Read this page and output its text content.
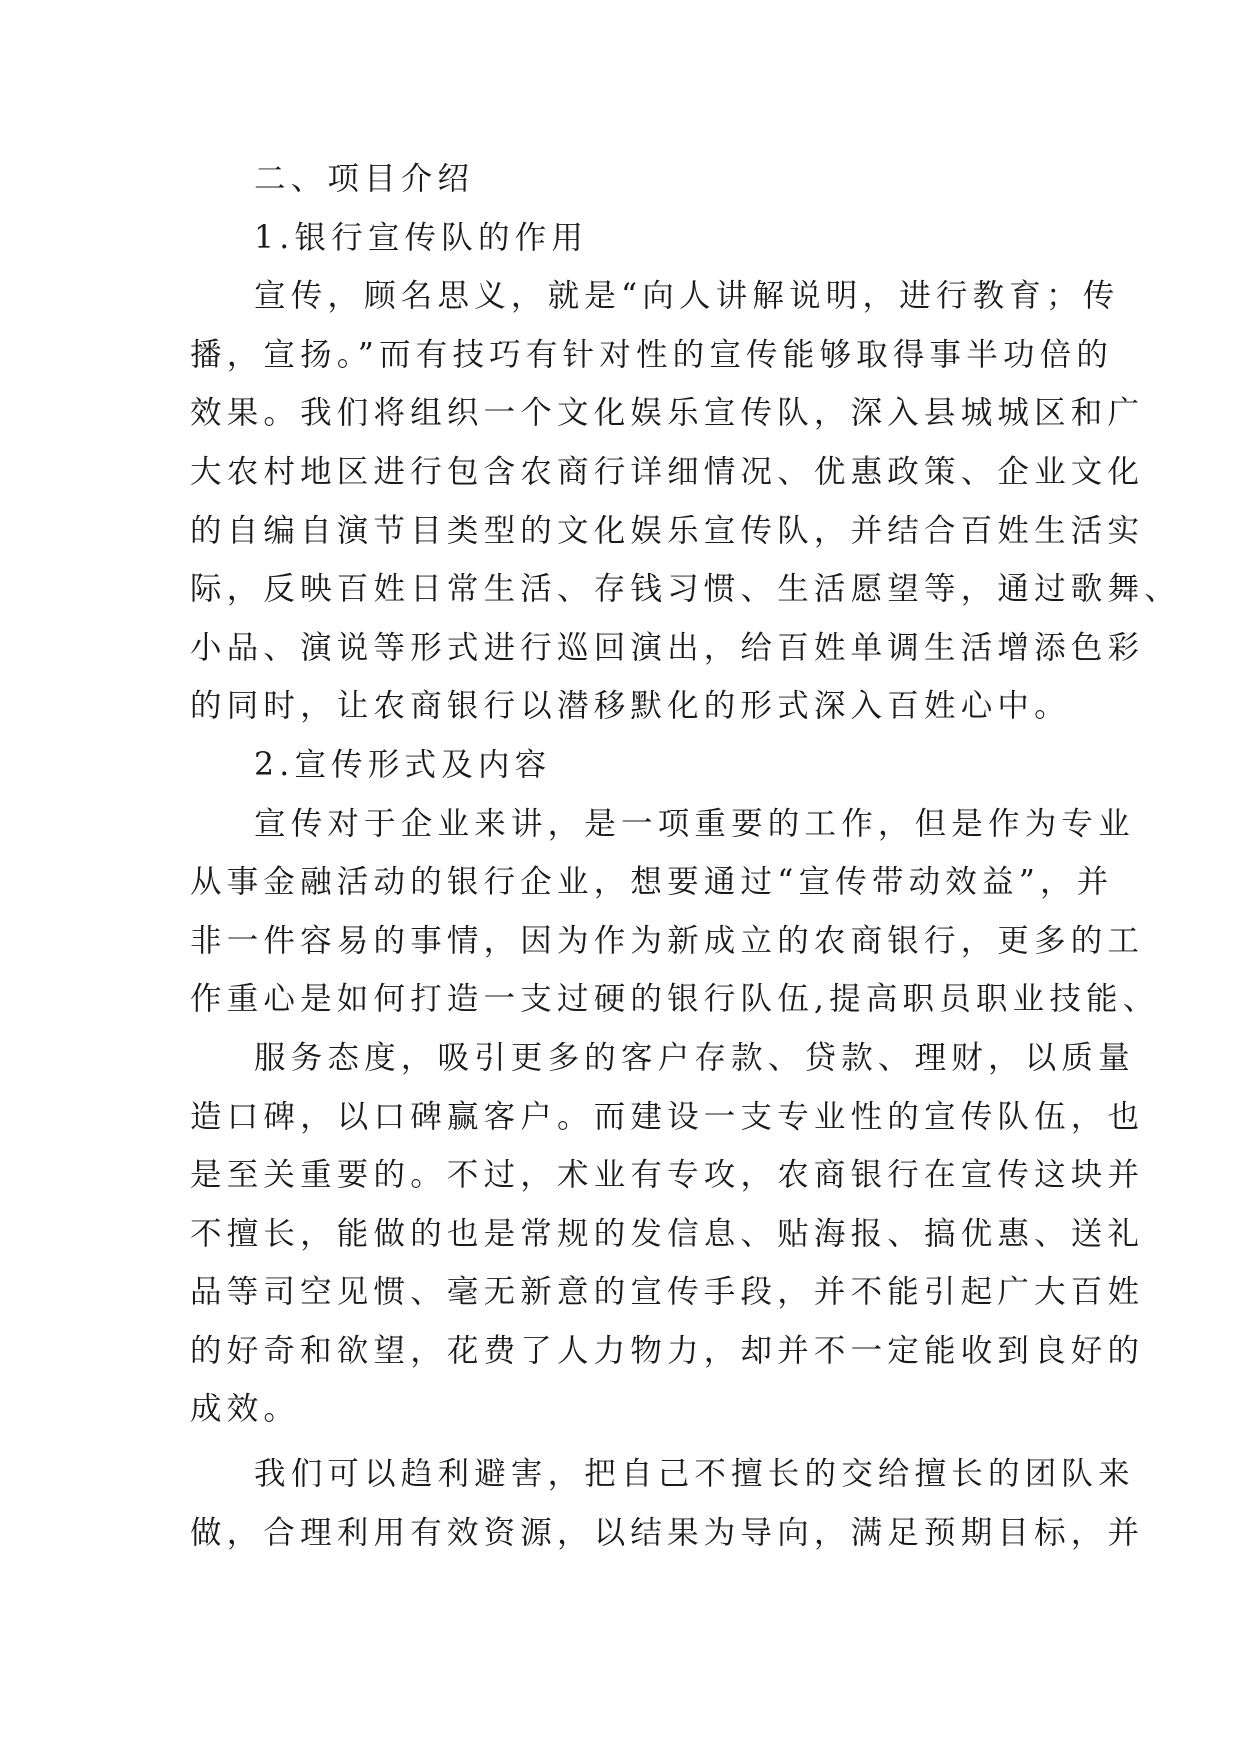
二、项目介绍
1.银行宣传队的作用
宣传，顾名思义，就是“向人讲解说明，进行教育；传
播，宣扬。”而有技巧有针对性的宣传能够取得事半功倍的
效果。我们将组织一个文化娱乐宣传队，深入县城城区和广
大农村地区进行包含农商行详细情况、优惠政策、企业文化
的自编自演节目类型的文化娱乐宣传队，并结合百姓生活实
际，反映百姓日常生活、存钱习惯、生活愿望等，通过歌舞、
小品、演说等形式进行巡回演出，给百姓单调生活增添色彩
的同时，让农商银行以潜移默化的形式深入百姓心中。
2.宣传形式及内容
宣传对于企业来讲，是一项重要的工作，但是作为专业
从事金融活动的银行企业，想要通过“宣传带动效益”，并
非一件容易的事情，因为作为新成立的农商银行，更多的工
作重心是如何打造一支过硬的银行队伍,提高职员职业技能、
服务态度，吸引更多的客户存款、贷款、理财，以质量
造口碑，以口碑赢客户。而建设一支专业性的宣传队伍，也
是至关重要的。不过，术业有专攻，农商银行在宣传这块并
不擅长，能做的也是常规的发信息、贴海报、搞优惠、送礼
品等司空见惯、毫无新意的宣传手段，并不能引起广大百姓
的好奇和欲望，花费了人力物力，却并不一定能收到良好的
成效。
我们可以趋利避害，把自己不擅长的交给擅长的团队来
做，合理利用有效资源，以结果为导向，满足预期目标，并
